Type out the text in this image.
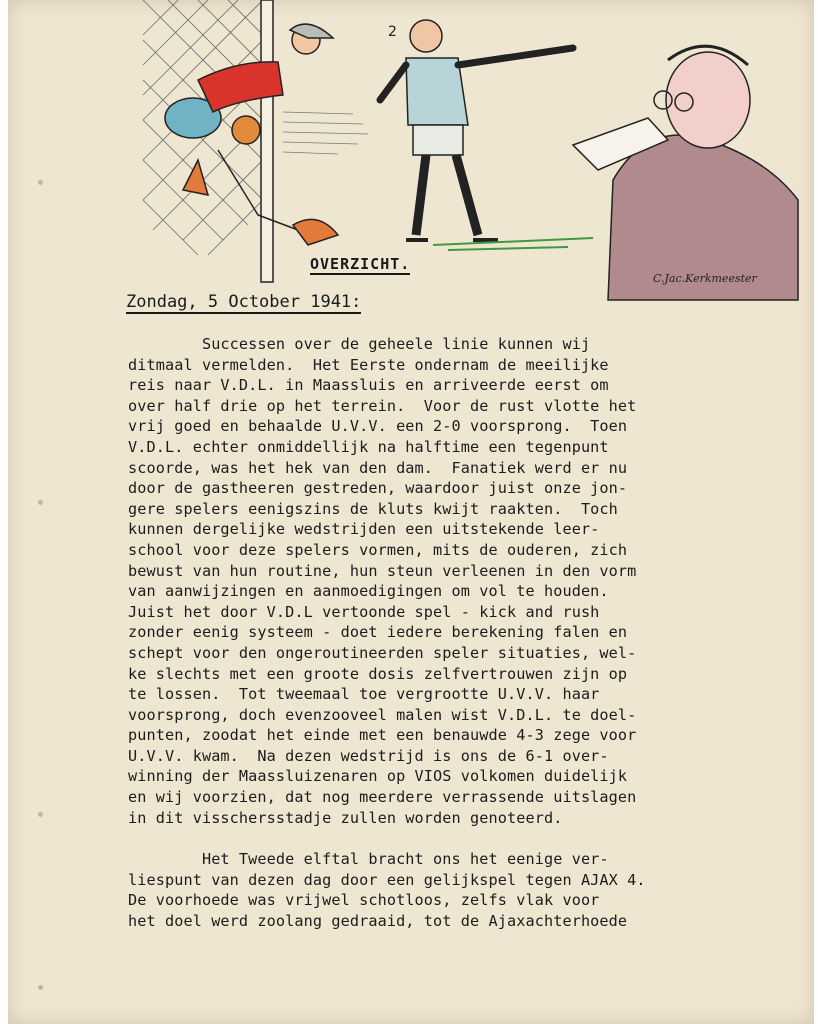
2
OVERZICHT.
C.Jac.Kerkmeester
Zondag, 5 October 1941:
Successen over de geheele linie kunnen wij
ditmaal vermelden.  Het Eerste ondernam de meeilijke
reis naar V.D.L. in Maassluis en arriveerde eerst om
over half drie op het terrein.  Voor de rust vlotte het
vrij goed en behaalde U.V.V. een 2-0 voorsprong.  Toen
V.D.L. echter onmiddellijk na halftime een tegenpunt
scoorde, was het hek van den dam.  Fanatiek werd er nu
door de gastheeren gestreden, waardoor juist onze jon-
gere spelers eenigszins de kluts kwijt raakten.  Toch
kunnen dergelijke wedstrijden een uitstekende leer-
school voor deze spelers vormen, mits de ouderen, zich
bewust van hun routine, hun steun verleenen in den vorm
van aanwijzingen en aanmoedigingen om vol te houden.
Juist het door V.D.L vertoonde spel - kick and rush
zonder eenig systeem - doet iedere berekening falen en
schept voor den ongeroutineerden speler situaties, wel-
ke slechts met een groote dosis zelfvertrouwen zijn op
te lossen.  Tot tweemaal toe vergrootte U.V.V. haar
voorsprong, doch evenzooveel malen wist V.D.L. te doel-
punten, zoodat het einde met een benauwde 4-3 zege voor
U.V.V. kwam.  Na dezen wedstrijd is ons de 6-1 over-
winning der Maassluizenaren op VIOS volkomen duidelijk
en wij voorzien, dat nog meerdere verrassende uitslagen
in dit visschersstadje zullen worden genoteerd.
Het Tweede elftal bracht ons het eenige ver-
liespunt van dezen dag door een gelijkspel tegen AJAX 4.
De voorhoede was vrijwel schotloos, zelfs vlak voor
het doel werd zoolang gedraaid, tot de Ajaxachterhoede
